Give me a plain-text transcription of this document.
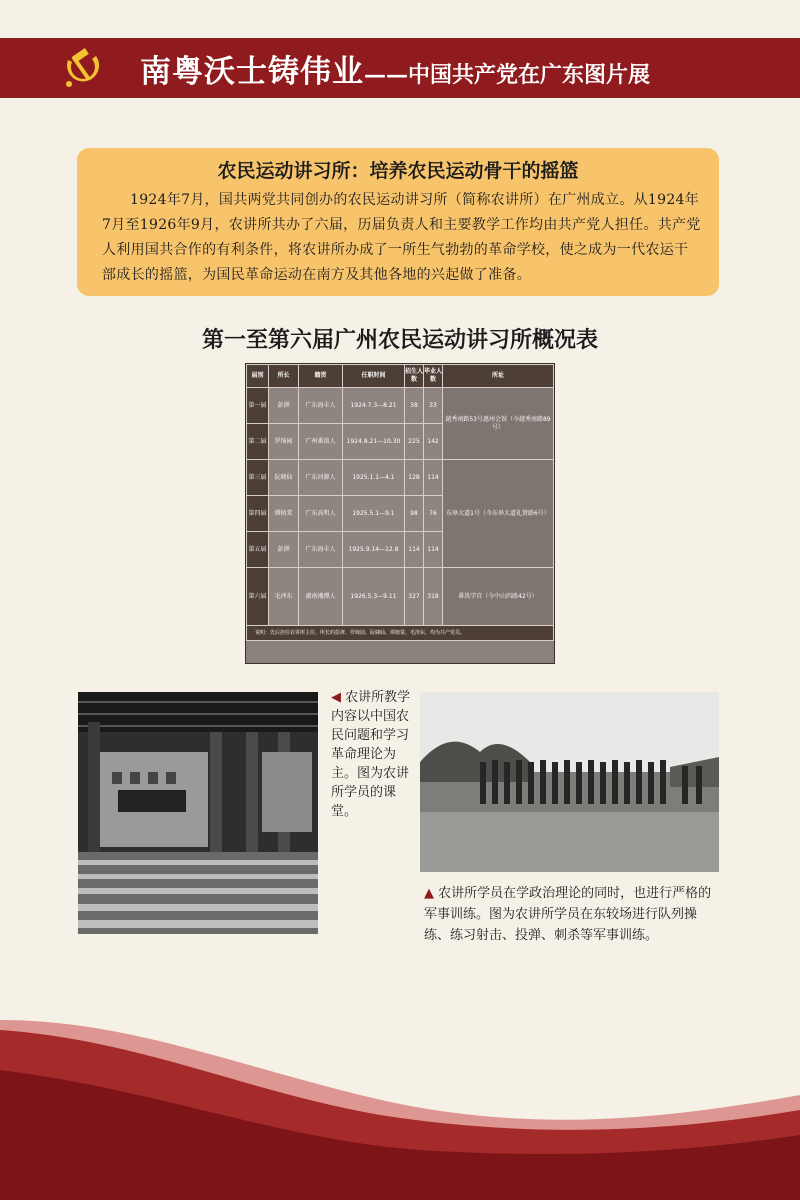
南粤沃士铸伟业——中国共产党在广东图片展
农民运动讲习所：培养农民运动骨干的摇篮
1924年7月，国共两党共同创办的农民运动讲习所（简称农讲所）在广州成立。从1924年7月至1926年9月，农讲所共办了六届，历届负责人和主要教学工作均由共产党人担任。共产党人利用国共合作的有利条件，将农讲所办成了一所生气勃勃的革命学校，使之成为一代农运干部成长的摇篮，为国民革命运动在南方及其他各地的兴起做了准备。
第一至第六届广州农民运动讲习所概况表
届别	所长	籍贯	任职时间	招生人数	毕业人数	所址
第一届	彭湃	广东海丰人	1924.7.3—8.21	38	33	越秀南路53号惠州会馆（今越秀南路89号）
第二届	罗绮园	广州番禺人	1924.8.21—10.30	225	142	
第三届	阮啸仙	广东河源人	1925.1.1—4.1	128	114	东皋大道1号（今东皋大道礼贤路6号）
第四届	谭植棠	广东高明人	1925.5.1—9.1	98	76	
第五届	彭湃	广东海丰人	1925.9.14—12.8	114	114	
第六届	毛泽东	湖南湘潭人	1926.5.3—9.11	327	318	番禺学宫（今中山四路42号）
说明：先后担任农讲所主任、所长的彭湃、罗绮园、阮啸仙、谭植棠、毛泽东，均为共产党员。						
◀ 农讲所教学内容以中国农民问题和学习革命理论为主。图为农讲所学员的课堂。
▲ 农讲所学员在学政治理论的同时，也进行严格的军事训练。图为农讲所学员在东较场进行队列操练、练习射击、投弹、刺杀等军事训练。
